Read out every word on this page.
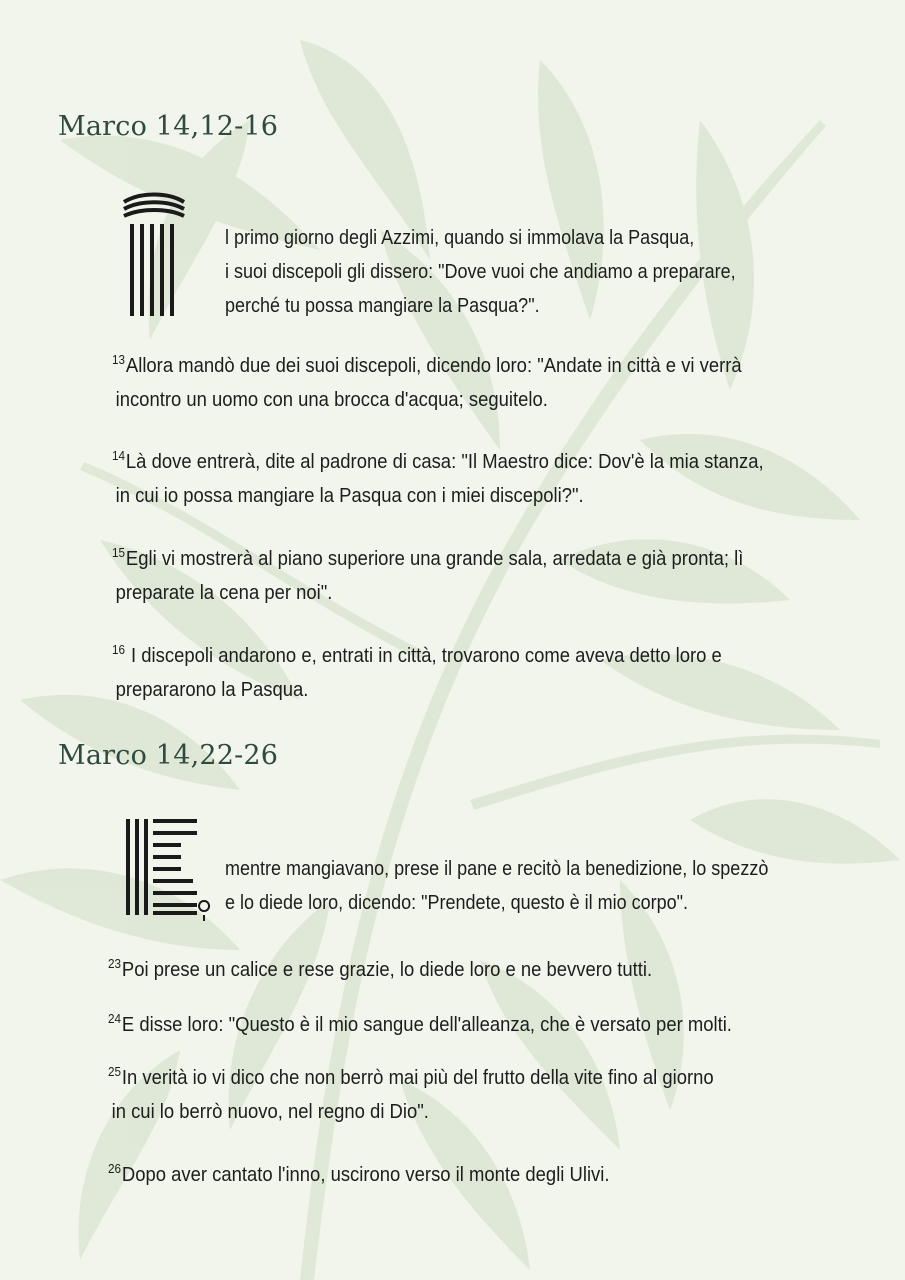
Marco 14,12-16
l primo giorno degli Azzimi, quando si immolava la Pasqua,
i suoi discepoli gli dissero: "Dove vuoi che andiamo a preparare,
perché tu possa mangiare la Pasqua?".
$^{13}$Allora mandò due dei suoi discepoli, dicendo loro: "Andate in città e vi verrà
incontro un uomo con una brocca d'acqua; seguitelo.
$^{14}$Là dove entrerà, dite al padrone di casa: "Il Maestro dice: Dov'è la mia stanza,
in cui io possa mangiare la Pasqua con i miei discepoli?".
$^{15}$Egli vi mostrerà al piano superiore una grande sala, arredata e già pronta; lì
preparate la cena per noi".
$^{16}$ I discepoli andarono e, entrati in città, trovarono come aveva detto loro e
prepararono la Pasqua.
Marco 14,22-26
mentre mangiavano, prese il pane e recitò la benedizione, lo spezzò
e lo diede loro, dicendo: "Prendete, questo è il mio corpo".
$^{23}$Poi prese un calice e rese grazie, lo diede loro e ne bevvero tutti.
$^{24}$E disse loro: "Questo è il mio sangue dell'alleanza, che è versato per molti.
$^{25}$In verità io vi dico che non berrò mai più del frutto della vite fino al giorno
in cui lo berrò nuovo, nel regno di Dio".
$^{26}$Dopo aver cantato l'inno, uscirono verso il monte degli Ulivi.
